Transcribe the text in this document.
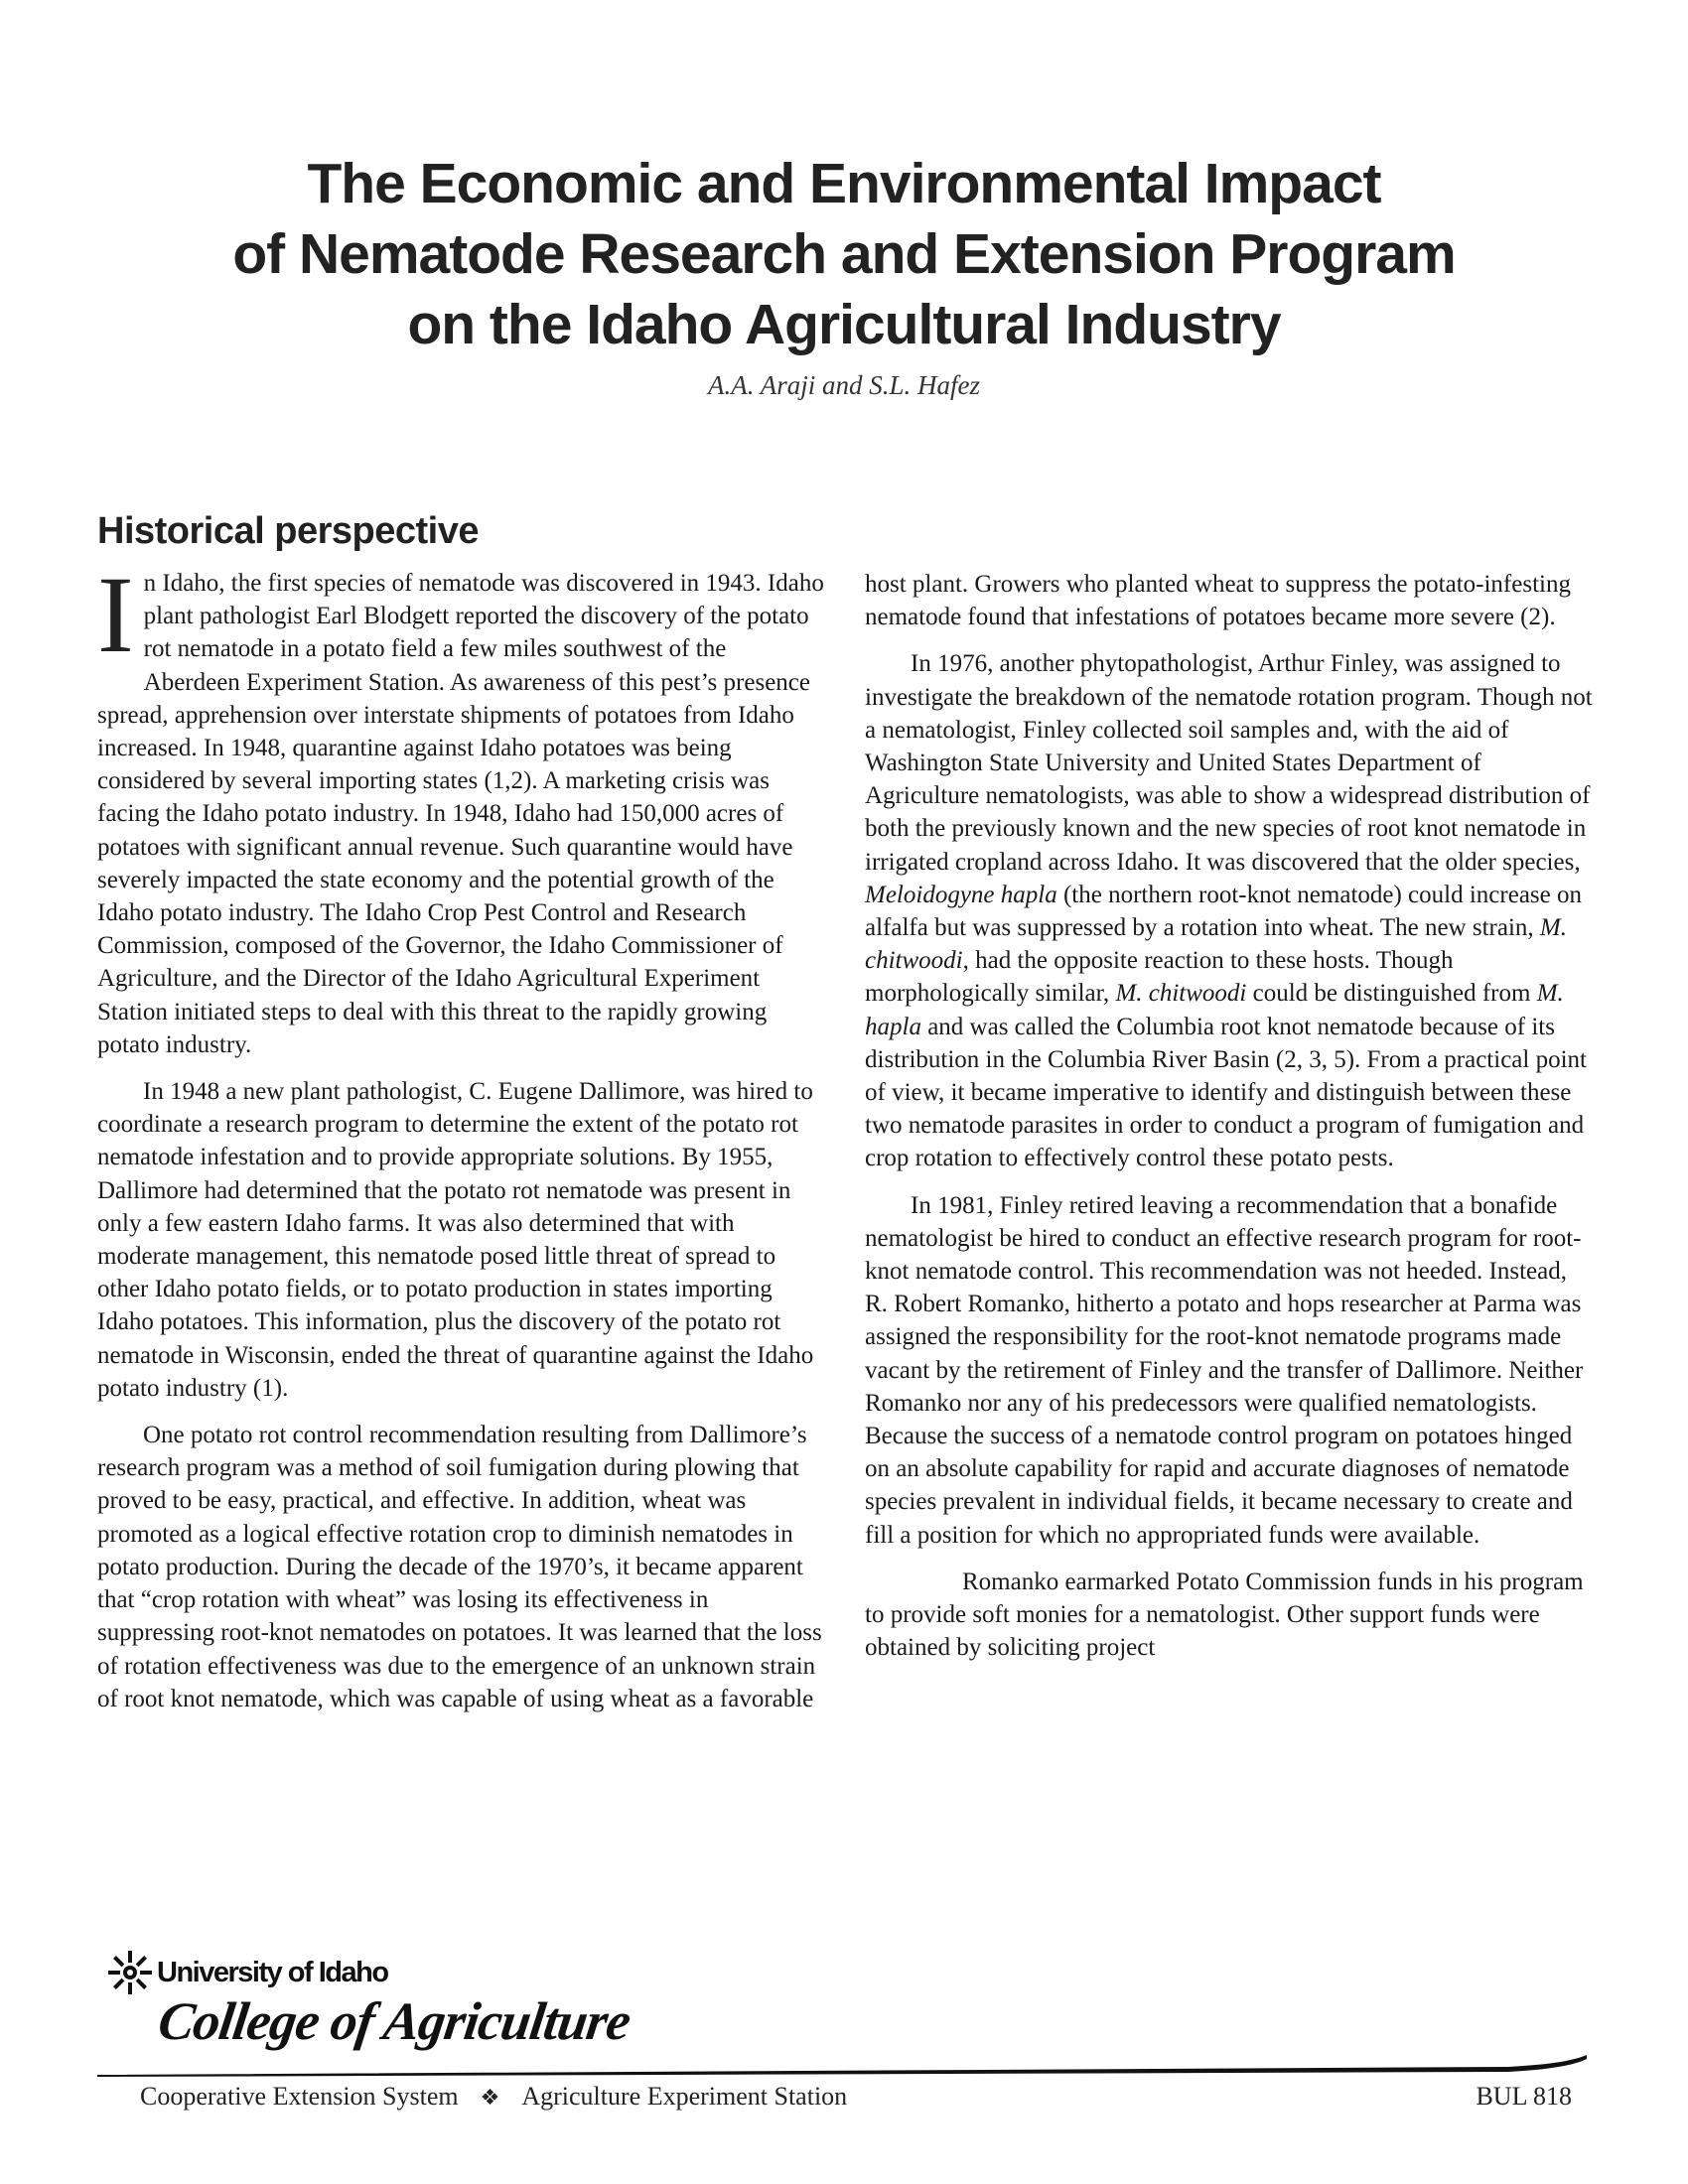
The Economic and Environmental Impact
of Nematode Research and Extension Program
on the Idaho Agricultural Industry
A.A. Araji and S.L. Hafez
Historical perspective

In Idaho, the first species of nematode was discovered in 1943. Idaho plant pathologist Earl Blodgett reported the discovery of the potato rot nematode in a potato field a few miles southwest of the Aberdeen Experiment Station. As awareness of this pest’s presence spread, apprehension over interstate shipments of potatoes from Idaho increased. In 1948, quarantine against Idaho potatoes was being considered by several importing states (1,2). A marketing crisis was facing the Idaho potato industry. In 1948, Idaho had 150,000 acres of potatoes with significant annual revenue. Such quarantine would have severely impacted the state economy and the potential growth of the Idaho potato industry. The Idaho Crop Pest Control and Research Commission, composed of the Governor, the Idaho Commissioner of Agriculture, and the Director of the Idaho Agricultural Experiment Station initiated steps to deal with this threat to the rapidly growing potato industry.

In 1948 a new plant pathologist, C. Eugene Dallimore, was hired to coordinate a research program to determine the extent of the potato rot nematode infestation and to provide appropriate solutions. By 1955, Dallimore had determined that the potato rot nematode was present in only a few eastern Idaho farms. It was also determined that with moderate management, this nematode posed little threat of spread to other Idaho potato fields, or to potato production in states importing Idaho potatoes. This information, plus the discovery of the potato rot nematode in Wisconsin, ended the threat of quarantine against the Idaho potato industry (1).

One potato rot control recommendation resulting from Dallimore’s research program was a method of soil fumigation during plowing that proved to be easy, practical, and effective. In addition, wheat was promoted as a logical effective rotation crop to diminish nematodes in potato production. During the decade of the 1970’s, it became apparent that “crop rotation with wheat” was losing its effectiveness in suppressing root-knot nematodes on potatoes. It was learned that the loss of rotation effectiveness was due to the emergence of an unknown strain of root knot nematode, which was capable of using wheat as a favorable

host plant. Growers who planted wheat to suppress the potato-infesting nematode found that infestations of potatoes became more severe (2).

In 1976, another phytopathologist, Arthur Finley, was assigned to investigate the breakdown of the nematode rotation program. Though not a nematologist, Finley collected soil samples and, with the aid of Washington State University and United States Department of Agriculture nematologists, was able to show a widespread distribution of both the previously known and the new species of root knot nematode in irrigated cropland across Idaho. It was discovered that the older species, Meloidogyne hapla (the northern root-knot nematode) could increase on alfalfa but was suppressed by a rotation into wheat. The new strain, M. chitwoodi, had the opposite reaction to these hosts. Though morphologically similar, M. chitwoodi could be distinguished from M. hapla and was called the Columbia root knot nematode because of its distribution in the Columbia River Basin (2, 3, 5). From a practical point of view, it became imperative to identify and distinguish between these two nematode parasites in order to conduct a program of fumigation and crop rotation to effectively control these potato pests.

In 1981, Finley retired leaving a recommendation that a bonafide nematologist be hired to conduct an effective research program for root-knot nematode control. This recommendation was not heeded. Instead, R. Robert Romanko, hitherto a potato and hops researcher at Parma was assigned the responsibility for the root-knot nematode programs made vacant by the retirement of Finley and the transfer of Dallimore. Neither Romanko nor any of his predecessors were qualified nematologists. Because the success of a nematode control program on potatoes hinged on an absolute capability for rapid and accurate diagnoses of nematode species prevalent in individual fields, it became necessary to create and fill a position for which no appropriated funds were available.

Romanko earmarked Potato Commission funds in his program to provide soft monies for a nematologist. Other support funds were obtained by soliciting project

University of Idaho
College of Agriculture
Cooperative Extension System ❖ Agriculture Experiment Station	BUL 818
